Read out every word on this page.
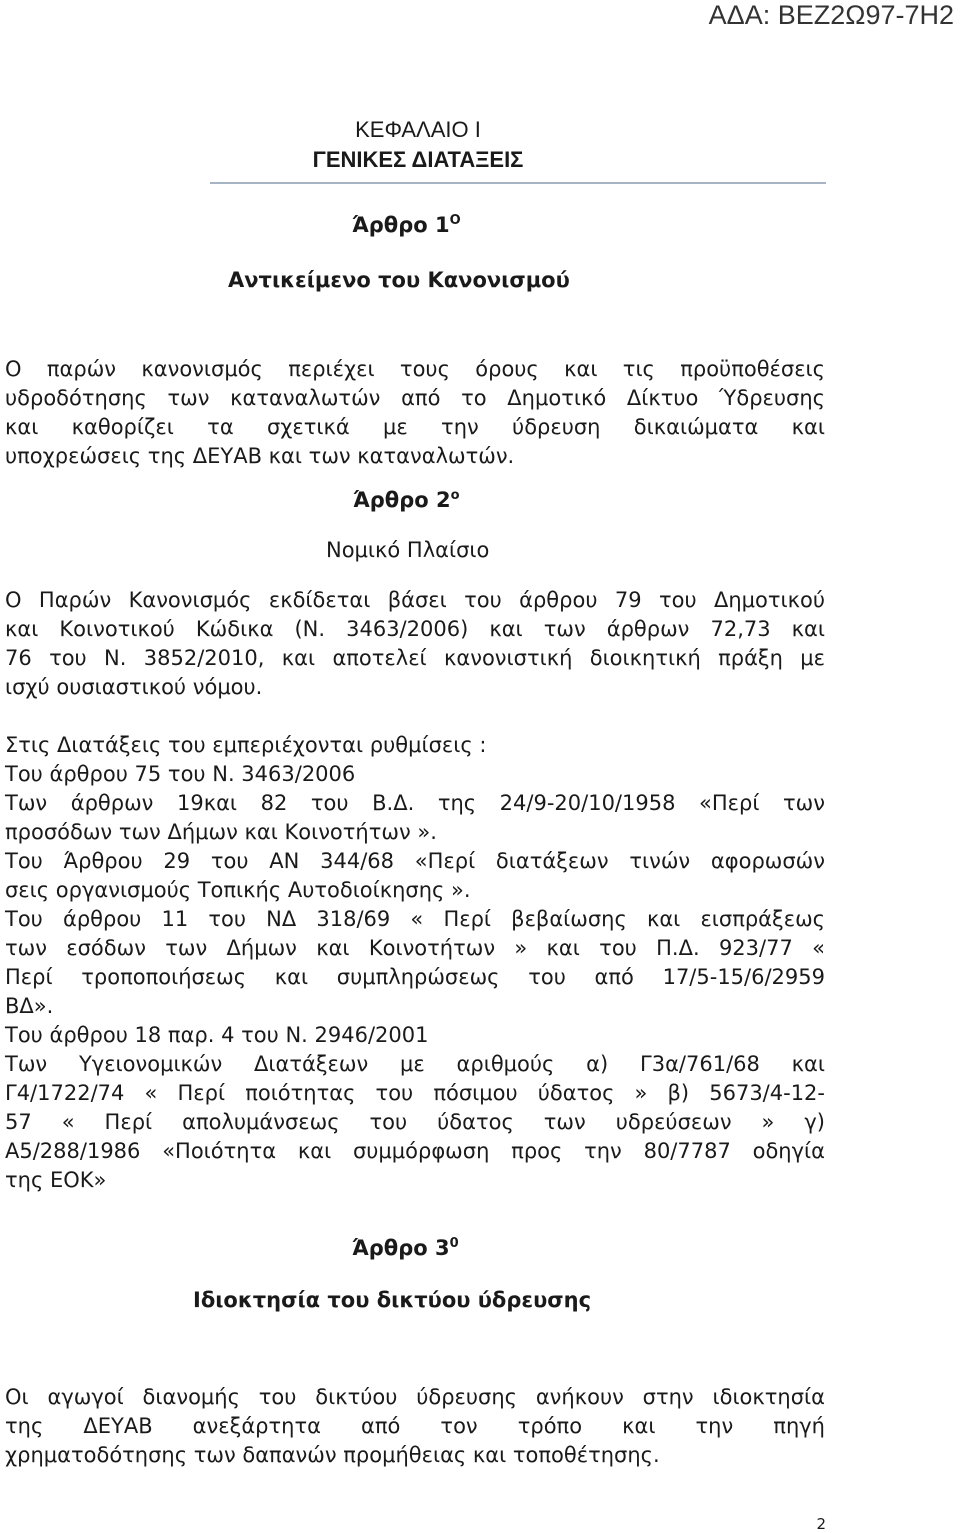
ΑΔΑ: ΒΕΖ2Ω97-7Η2
ΚΕΦΑΛΑΙΟ Ι
ΓΕΝΙΚΕΣ ΔΙΑΤΑΞΕΙΣ
Άρθρο $1^O$
Αντικείμενο του Κανονισμού
Ο παρών κανονισμός περιέχει τους όρους και τις προϋποθέσεις
υδροδότησης των καταναλωτών από το Δημοτικό Δίκτυο Ύδρευσης
και καθορίζει τα σχετικά με την ύδρευση δικαιώματα και
υποχρεώσεις της ΔΕΥΑΒ και των καταναλωτών.
Άρθρο $2^o$
Νομικό Πλαίσιο
Ο Παρών Κανονισμός εκδίδεται βάσει του άρθρου 79 του Δημοτικού
και Κοινοτικού Κώδικα (Ν. 3463/2006) και των άρθρων 72,73 και
76 του Ν. 3852/2010, και αποτελεί κανονιστική διοικητική πράξη με
ισχύ ουσιαστικού νόμου.
Στις Διατάξεις του εμπεριέχονται ρυθμίσεις :
Του άρθρου 75 του Ν. 3463/2006
Των άρθρων 19και 82 του Β.Δ. της 24/9-20/10/1958 «Περί των
προσόδων των Δήμων και Κοινοτήτων ».
Του Άρθρου 29 του ΑΝ 344/68 «Περί διατάξεων τινών αφορωσών
σεις οργανισμούς Τοπικής Αυτοδιοίκησης ».
Του άρθρου 11 του ΝΔ 318/69 « Περί βεβαίωσης και εισπράξεως
των εσόδων των Δήμων και Κοινοτήτων » και του Π.Δ. 923/77 «
Περί τροποποιήσεως και συμπληρώσεως του από 17/5-15/6/2959
ΒΔ».
Του άρθρου 18 παρ. 4 του Ν. 2946/2001
Των Υγειονομικών Διατάξεων με αριθμούς α) Γ3α/761/68 και
Γ4/1722/74 « Περί ποιότητας του πόσιμου ύδατος » β) 5673/4-12-
57 « Περί απολυμάνσεως του ύδατος των υδρεύσεων » γ)
Α5/288/1986 «Ποιότητα και συμμόρφωση προς την 80/7787 οδηγία
της ΕΟΚ»
Άρθρο $3^0$
Ιδιοκτησία του δικτύου ύδρευσης
Οι αγωγοί διανομής του δικτύου ύδρευσης ανήκουν στην ιδιοκτησία
της ΔΕΥΑΒ ανεξάρτητα από τον τρόπο και την πηγή
χρηματοδότησης των δαπανών προμήθειας και τοποθέτησης.
2
